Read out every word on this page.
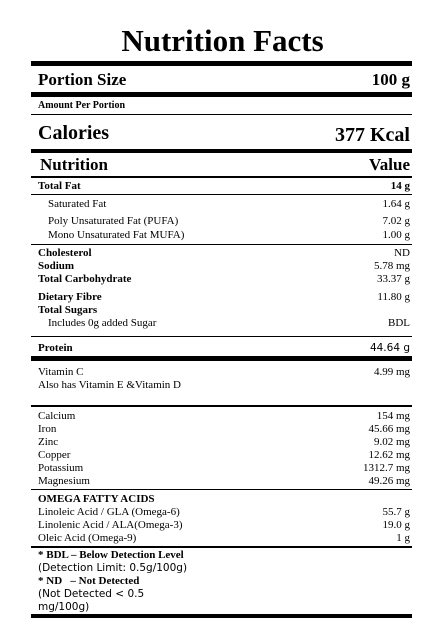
Nutrition Facts
Portion Size	100 g
Amount Per Portion
Calories	377 Kcal
Nutrition	Value
Total Fat	14 g
Saturated Fat	1.64 g
Poly Unsaturated Fat (PUFA)	7.02 g
Mono Unsaturated Fat MUFA)	1.00 g
Cholesterol	ND
Sodium	5.78 mg
Total Carbohydrate	33.37 g
Dietary Fibre	11.80 g
Total Sugars
Includes 0g added Sugar	BDL
Protein	44.64 g
Vitamin C	4.99 mg
Also has Vitamin E &Vitamin D
Calcium	154 mg
Iron	45.66 mg
Zinc	9.02 mg
Copper	12.62 mg
Potassium	1312.7 mg
Magnesium	49.26 mg
OMEGA FATTY ACIDS
Linoleic Acid / GLA (Omega-6)	55.7 g
Linolenic Acid / ALA(Omega-3)	19.0 g
Oleic Acid (Omega-9)	1 g
* BDL – Below Detection Level
(Detection Limit: 0.5g/100g)
* ND   – Not Detected
(Not Detected < 0.5
mg/100g)
